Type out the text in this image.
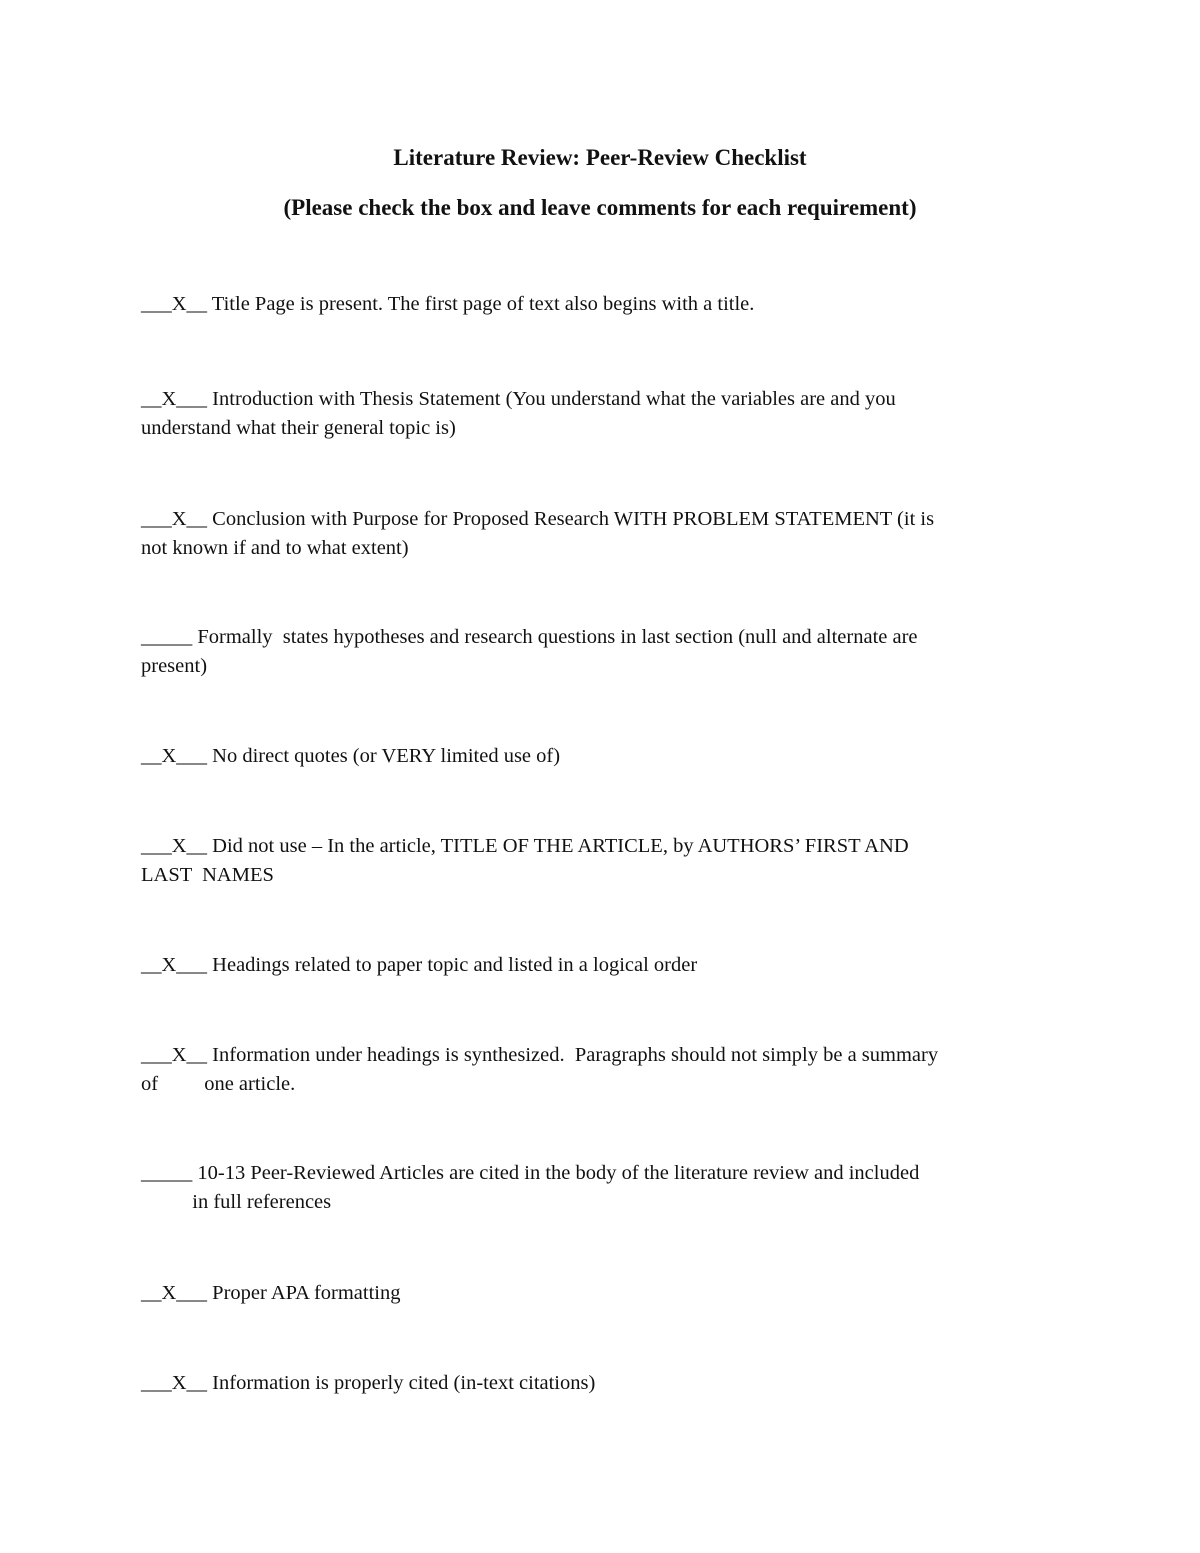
Literature Review: Peer-Review Checklist
(Please check the box and leave comments for each requirement)
___X__ Title Page is present. The first page of text also begins with a title.
__X___ Introduction with Thesis Statement (You understand what the variables are and you
understand what their general topic is)
___X__ Conclusion with Purpose for Proposed Research WITH PROBLEM STATEMENT (it is
not known if and to what extent)
_____ Formally  states hypotheses and research questions in last section (null and alternate are
present)
__X___ No direct quotes (or VERY limited use of)
___X__ Did not use – In the article, TITLE OF THE ARTICLE, by AUTHORS’ FIRST AND
LAST  NAMES
__X___ Headings related to paper topic and listed in a logical order
___X__ Information under headings is synthesized.  Paragraphs should not simply be a summary
of         one article.
_____ 10-13 Peer-Reviewed Articles are cited in the body of the literature review and included
in full references
__X___ Proper APA formatting
___X__ Information is properly cited (in-text citations)
